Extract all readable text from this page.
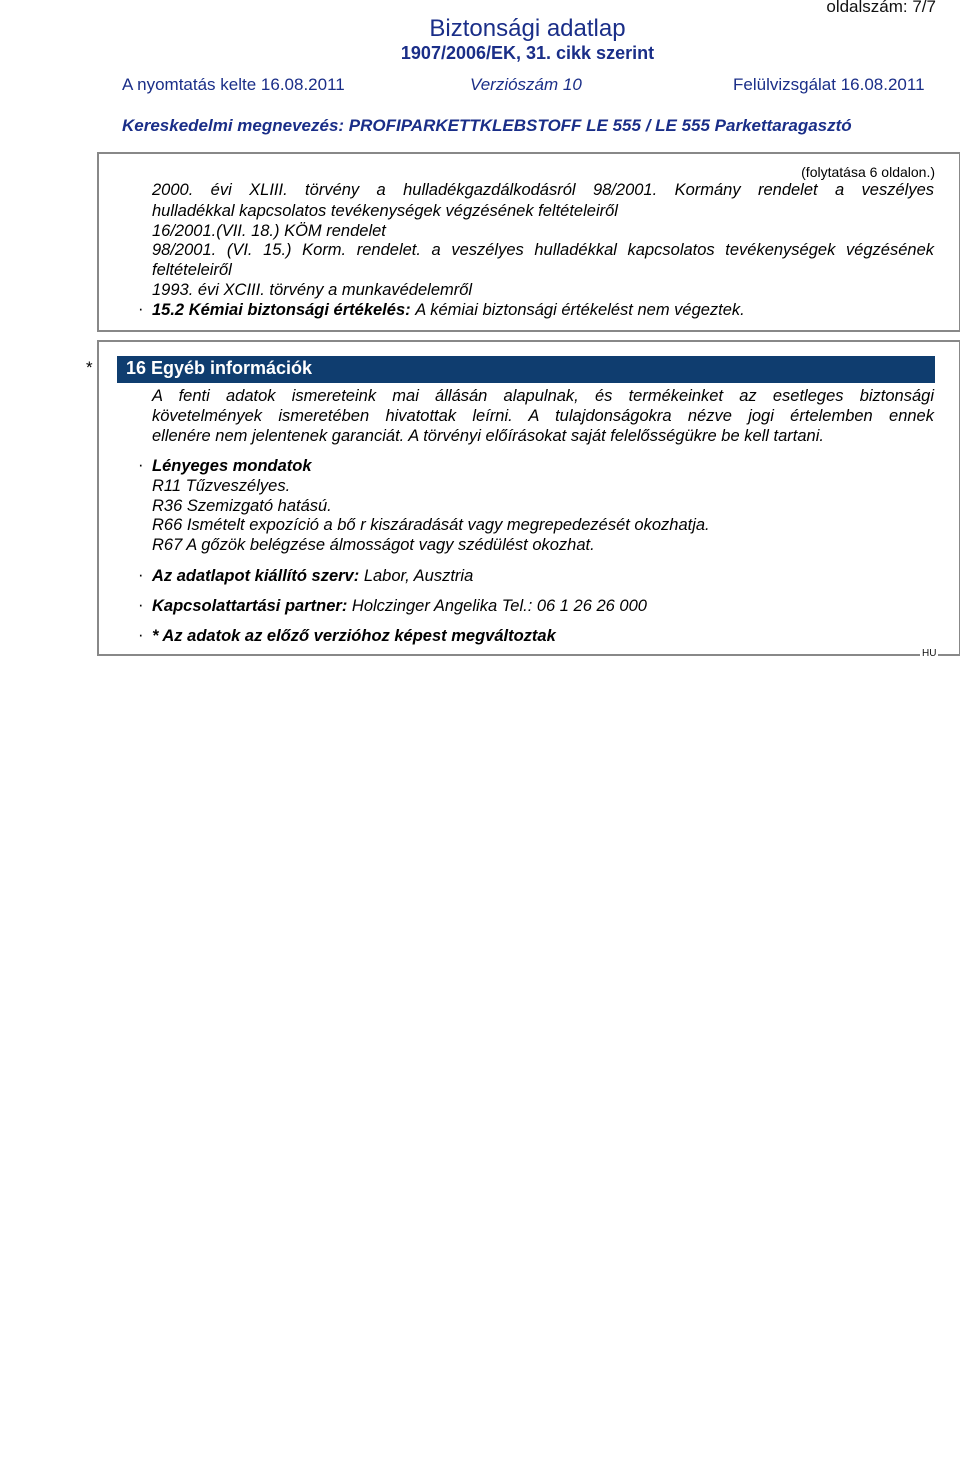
oldalszám: 7/7
Biztonsági adatlap
1907/2006/EK, 31. cikk szerint
A nyomtatás kelte 16.08.2011	Verziószám 10	Felülvizsgálat 16.08.2011
Kereskedelmi megnevezés: PROFIPARKETTKLEBSTOFF LE 555 / LE 555 Parkettaragasztó
(folytatása 6 oldalon.)
2000. évi XLIII. törvény a hulladékgazdálkodásról 98/2001. Kormány rendelet a veszélyes
hulladékkal kapcsolatos tevékenységek végzésének feltételeiről
16/2001.(VII. 18.) KÖM rendelet
98/2001. (VI. 15.) Korm. rendelet. a veszélyes hulladékkal kapcsolatos tevékenységek végzésének
feltételeiről
1993. évi XCIII. törvény a munkavédelemről
· 15.2 Kémiai biztonsági értékelés: A kémiai biztonsági értékelést nem végeztek.
* 16 Egyéb információk
A fenti adatok ismereteink mai állásán alapulnak, és termékeinket az esetleges biztonsági
követelmények ismeretében hivatottak leírni. A tulajdonságokra nézve jogi értelemben ennek
ellenére nem jelentenek garanciát. A törvényi előírásokat saját felelősségükre be kell tartani.
· Lényeges mondatok
R11 Tűzveszélyes.
R36 Szemizgató hatású.
R66 Ismételt expozíció a bő r kiszáradását vagy megrepedezését okozhatja.
R67 A gőzök belégzése álmosságot vagy szédülést okozhat.
· Az adatlapot kiállító szerv: Labor, Ausztria
· Kapcsolattartási partner: Holczinger Angelika Tel.: 06 1 26 26 000
· * Az adatok az előző verzióhoz képest megváltoztak
HU
